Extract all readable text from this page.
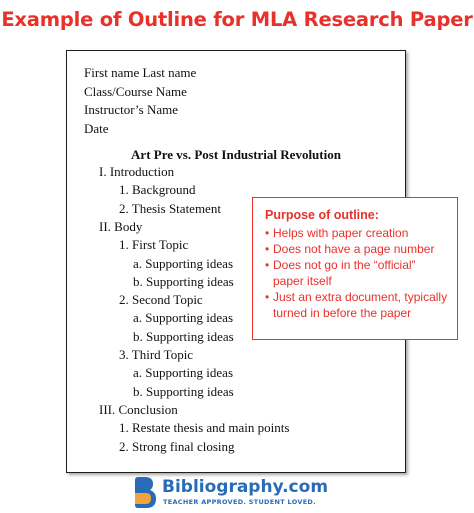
Example of Outline for MLA Research Paper
First name Last name
Class/Course Name
Instructor’s Name
Date
Art Pre vs. Post Industrial Revolution
I. Introduction
1. Background
2. Thesis Statement
II. Body
1. First Topic
a. Supporting ideas
b. Supporting ideas
2. Second Topic
a. Supporting ideas
b. Supporting ideas
3. Third Topic
a. Supporting ideas
b. Supporting ideas
III. Conclusion
1. Restate thesis and main points
2. Strong final closing
Purpose of outline:
• Helps with paper creation
• Does not have a page number
• Does not go in the “official”
paper itself
• Just an extra document, typically
turned in before the paper
Bibliography.com
TEACHER APPROVED. STUDENT LOVED.
